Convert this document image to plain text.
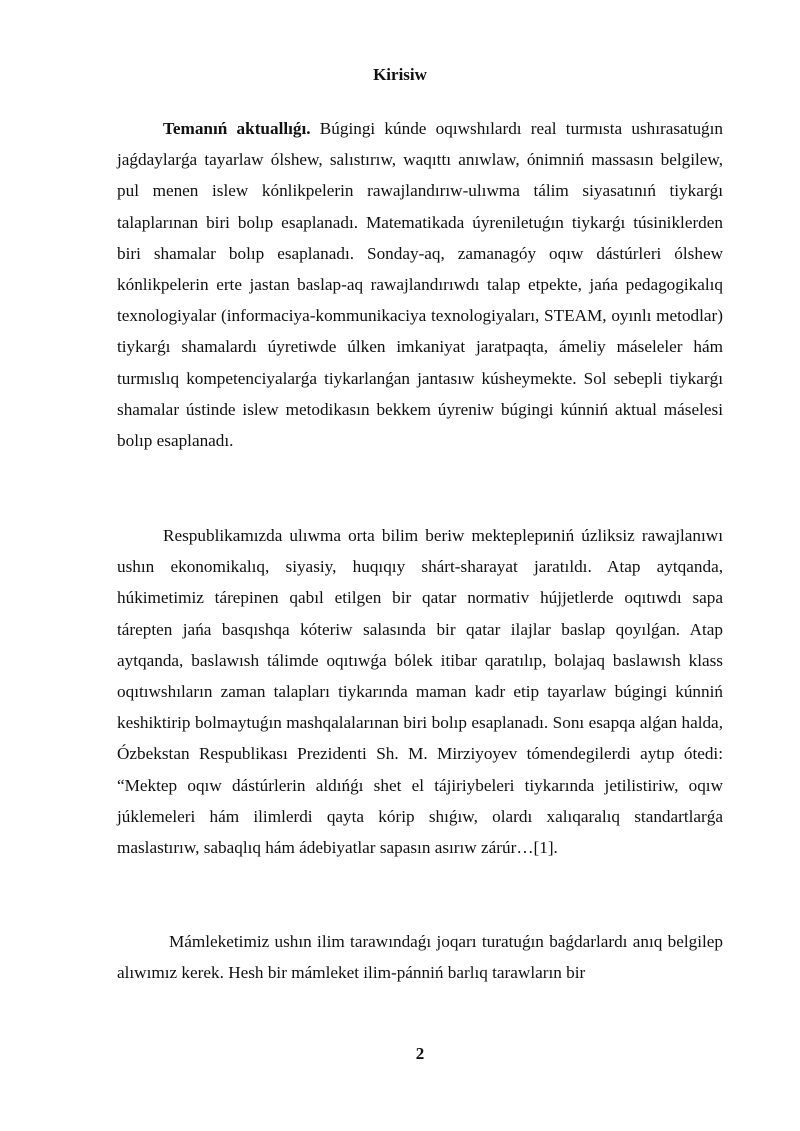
Kirisiw

Temanıń aktuallıǵı. Búgingi kúnde oqıwshılardı real turmısta ushırasatuǵın jaǵdaylarǵa tayarlaw ólshew, salıstırıw, waqıttı anıwlaw, ónimniń massasın belgilew, pul menen islew kónlikpelerin rawajlandırıw-ulıwma tálim siyasatınıń tiykarǵı talaplarınan biri bolıp esaplanadı. Matematikada úyreniletuǵın tiykarǵı túsiniklerden biri shamalar bolıp esaplanadı. Sonday-aq, zamanagóy oqıw dástúrleri ólshew kónlikpelerin erte jastan baslap-aq rawajlandırıwdı talap etpekte, jańa pedagogikalıq texnologiyalar (informaciya-kommunikaciya texnologiyaları, STEAM, oyınlı metodlar) tiykarǵı shamalardı úyretiwde úlken imkaniyat jaratpaqta, ámeliy máseleler hám turmıslıq kompetenciyalarǵa tiykarlanǵan jantasıw kúsheymekte. Sol sebepli tiykarǵı shamalar ústinde islew metodikasın bekkem úyreniw búgingi kúnniń aktual máselesi bolıp esaplanadı.

Respublikamızda ulıwma orta bilim beriw mekteplериniń úzliksiz rawajlanıwı ushın ekonomikalıq, siyasiy, huqıqıy shárt-sharayat jaratıldı. Atap aytqanda, húkimetimiz tárepinen qabıl etilgen bir qatar normativ hújjetlerde oqıtıwdı sapa tárepten jańa basqıshqa kóteriw salasında bir qatar ilajlar baslap qoyılǵan. Atap aytqanda, baslawısh tálimde oqıtıwǵa bólek itibar qaratılıp, bolajaq baslawısh klass oqıtıwshıların zaman talapları tiykarında maman kadr etip tayarlaw búgingi kúnniń keshiktirip bolmaytuǵın mashqalalarınan biri bolıp esaplanadı. Sonı esapqa alǵan halda, Ózbekstan Respublikası Prezidenti Sh. M. Mirziyoyev tómendegilerdi aytıp ótedi: “Mektep oqıw dástúrlerin aldıńǵı shet el tájiriybeleri tiykarında jetilistiriw, oqıw júklemeleri hám ilimlerdi qayta kórip shıǵıw, olardı xalıqaralıq standartlarǵa maslastırıw, sabaqlıq hám ádebiyatlar sapasın asırıw zárúr…[1].

Mámleketimiz ushın ilim tarawındaǵı joqarı turatuǵın baǵdarlardı anıq belgilep alıwımız kerek. Hesh bir mámleket ilim-pánniń barlıq tarawların bir

2
